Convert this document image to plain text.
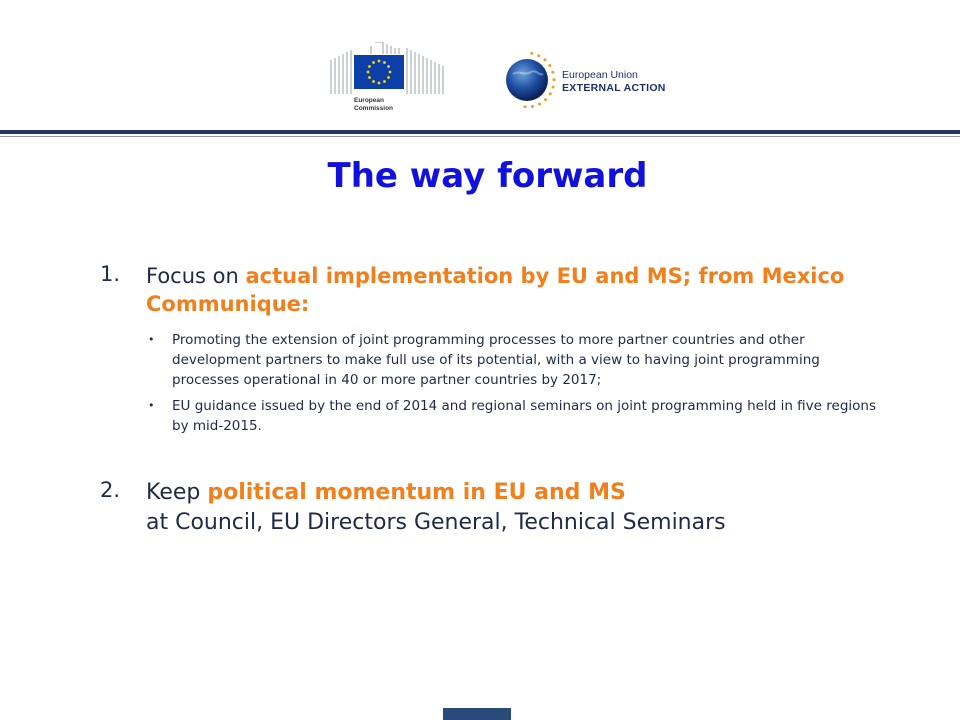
European
Commission
European Union
EXTERNAL ACTION
The way forward
1. Focus on actual implementation by EU and MS; from Mexico Communique:
• Promoting the extension of joint programming processes to more partner countries and other development partners to make full use of its potential, with a view to having joint programming processes operational in 40 or more partner countries by 2017;
• EU guidance issued by the end of 2014 and regional seminars on joint programming held in five regions by mid-2015.
2. Keep political momentum in EU and MS
at Council, EU Directors General, Technical Seminars
